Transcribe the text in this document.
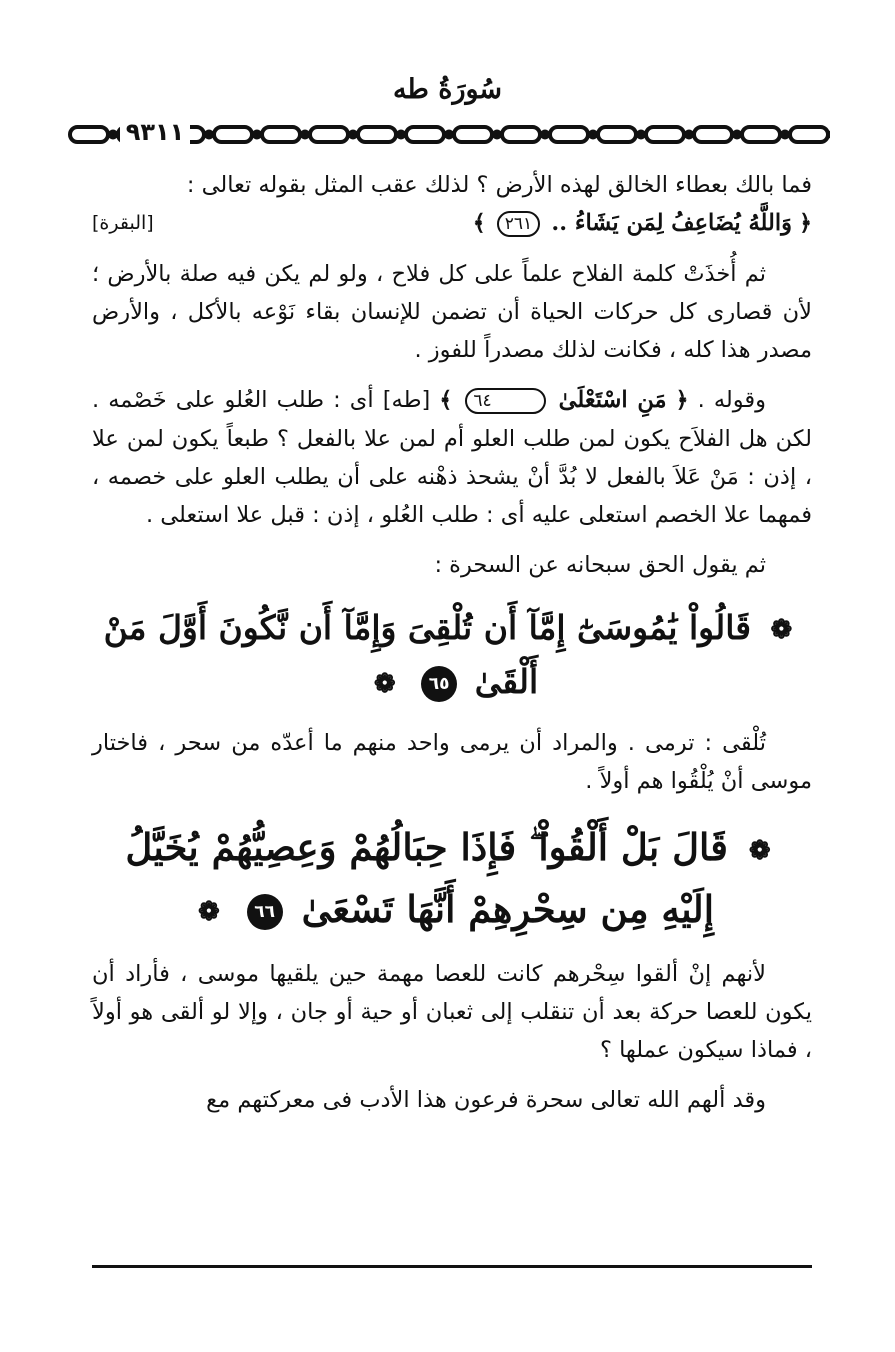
سُورَةُ طه
٩٣١١

فما بالك بعطاء الخالق لهذه الأرض ؟ لذلك عقب المثل بقوله تعالى :
﴿ وَاللَّهُ يُضَاعِفُ لِمَن يَشَاءُ .. ٢٦١ ﴾
[البقرة]

ثم أُخذَتْ كلمة الفلاح علماً على كل فلاح ، ولو لم يكن فيه صلة بالأرض ؛ لأن قصارى كل حركات الحياة أن تضمن للإنسان بقاء نَوْعه بالأكل ، والأرض مصدر هذا كله ، فكانت لذلك مصدراً للفوز .

وقوله . ﴿ مَنِ اسْتَعْلَىٰ ٦٤ ﴾ [طه] أى : طلب العُلو على خَصْمه . لكن هل الفلاَح يكون لمن طلب العلو أم لمن علا بالفعل ؟ طبعاً يكون لمن علا ، إذن : مَنْ عَلاَ بالفعل لا بُدَّ أنْ يشحذ ذهْنه على أن يطلب العلو على خصمه ، فمهما علا الخصم استعلى عليه أى : طلب العُلو ، إذن : قبل علا استعلى .

ثم يقول الحق سبحانه عن السحرة :

❁ قَالُواْ يَٰمُوسَىٰٓ إِمَّآ أَن تُلْقِىَ وَإِمَّآ أَن نَّكُونَ أَوَّلَ مَنْ أَلْقَىٰ ٦٥ ❁

تُلْقى : ترمى . والمراد أن يرمى واحد منهم ما أعدّه من سحر ، فاختار موسى أنْ يُلْقُوا هم أولاً .

❁ قَالَ بَلْ أَلْقُواْ ۖ فَإِذَا حِبَالُهُمْ وَعِصِيُّهُمْ يُخَيَّلُ
إِلَيْهِ مِن سِحْرِهِمْ أَنَّهَا تَسْعَىٰ ٦٦ ❁

لأنهم إنْ ألقوا سِحْرهم كانت للعصا مهمة حين يلقيها موسى ، فأراد أن يكون للعصا حركة بعد أن تنقلب إلى ثعبان أو حية أو جان ، وإلا لو ألقى هو أولاً ، فماذا سيكون عملها ؟

وقد ألهم الله تعالى سحرة فرعون هذا الأدب فى معركتهم مع
